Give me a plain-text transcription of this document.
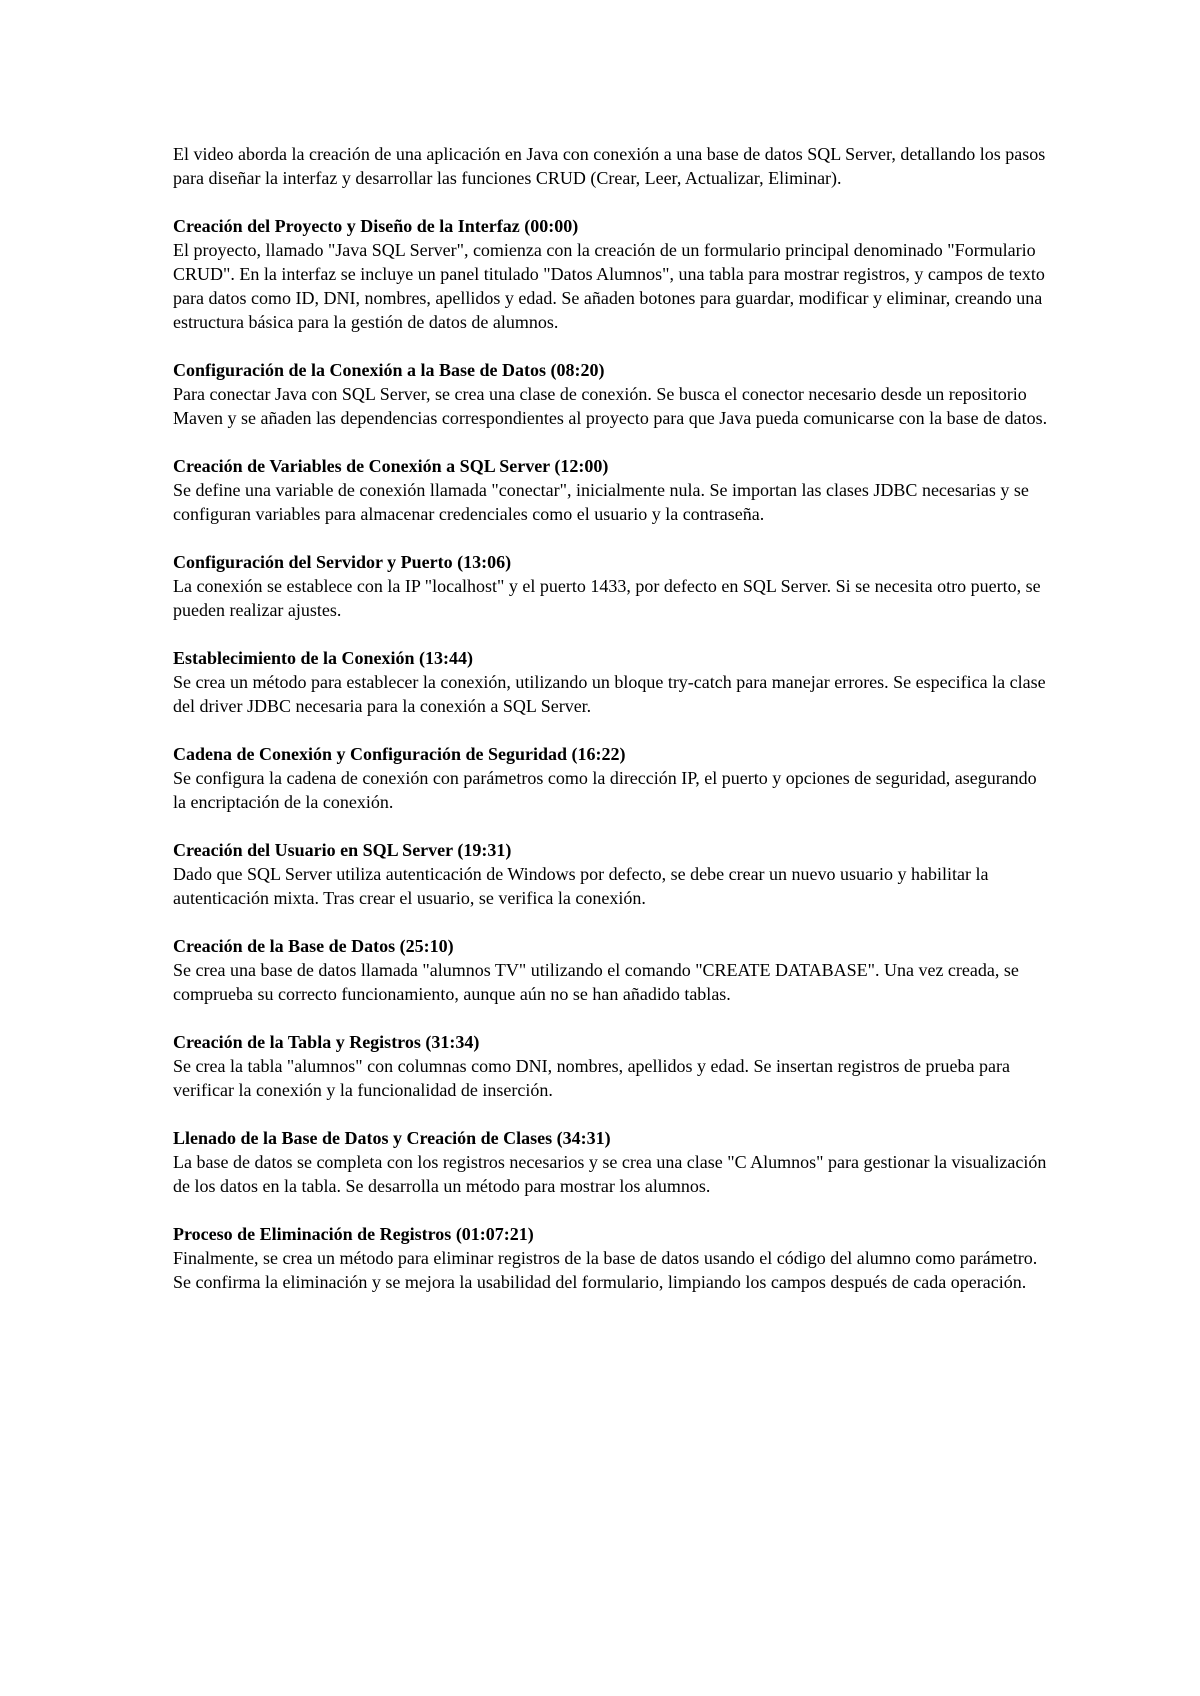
El video aborda la creación de una aplicación en Java con conexión a una base de datos SQL Server, detallando los pasos para diseñar la interfaz y desarrollar las funciones CRUD (Crear, Leer, Actualizar, Eliminar).

Creación del Proyecto y Diseño de la Interfaz (00:00)

El proyecto, llamado "Java SQL Server", comienza con la creación de un formulario principal denominado "Formulario CRUD". En la interfaz se incluye un panel titulado "Datos Alumnos", una tabla para mostrar registros, y campos de texto para datos como ID, DNI, nombres, apellidos y edad. Se añaden botones para guardar, modificar y eliminar, creando una estructura básica para la gestión de datos de alumnos.

Configuración de la Conexión a la Base de Datos (08:20)

Para conectar Java con SQL Server, se crea una clase de conexión. Se busca el conector necesario desde un repositorio Maven y se añaden las dependencias correspondientes al proyecto para que Java pueda comunicarse con la base de datos.

Creación de Variables de Conexión a SQL Server (12:00)

Se define una variable de conexión llamada "conectar", inicialmente nula. Se importan las clases JDBC necesarias y se configuran variables para almacenar credenciales como el usuario y la contraseña.

Configuración del Servidor y Puerto (13:06)

La conexión se establece con la IP "localhost" y el puerto 1433, por defecto en SQL Server. Si se necesita otro puerto, se pueden realizar ajustes.

Establecimiento de la Conexión (13:44)

Se crea un método para establecer la conexión, utilizando un bloque try-catch para manejar errores. Se especifica la clase del driver JDBC necesaria para la conexión a SQL Server.

Cadena de Conexión y Configuración de Seguridad (16:22)

Se configura la cadena de conexión con parámetros como la dirección IP, el puerto y opciones de seguridad, asegurando la encriptación de la conexión.

Creación del Usuario en SQL Server (19:31)

Dado que SQL Server utiliza autenticación de Windows por defecto, se debe crear un nuevo usuario y habilitar la autenticación mixta. Tras crear el usuario, se verifica la conexión.

Creación de la Base de Datos (25:10)

Se crea una base de datos llamada "alumnos TV" utilizando el comando "CREATE DATABASE". Una vez creada, se comprueba su correcto funcionamiento, aunque aún no se han añadido tablas.

Creación de la Tabla y Registros (31:34)

Se crea la tabla "alumnos" con columnas como DNI, nombres, apellidos y edad. Se insertan registros de prueba para verificar la conexión y la funcionalidad de inserción.

Llenado de la Base de Datos y Creación de Clases (34:31)

La base de datos se completa con los registros necesarios y se crea una clase "C Alumnos" para gestionar la visualización de los datos en la tabla. Se desarrolla un método para mostrar los alumnos.

Proceso de Eliminación de Registros (01:07:21)

Finalmente, se crea un método para eliminar registros de la base de datos usando el código del alumno como parámetro. Se confirma la eliminación y se mejora la usabilidad del formulario, limpiando los campos después de cada operación.
